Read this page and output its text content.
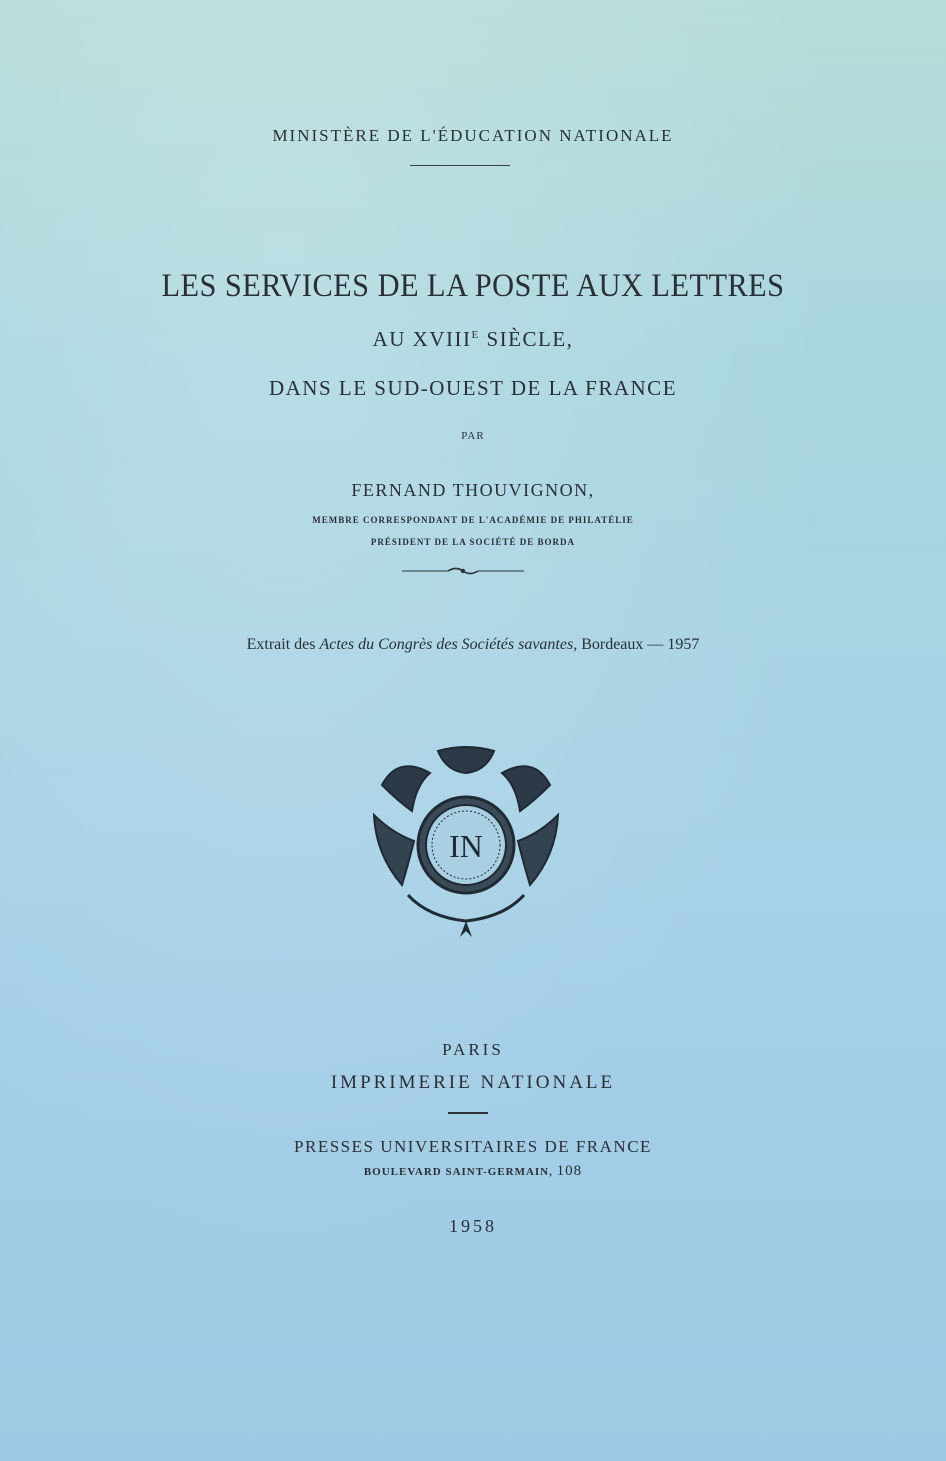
MINISTÈRE DE L'ÉDUCATION NATIONALE
LES SERVICES DE LA POSTE AUX LETTRES
AU $XVIII^E$ SIÈCLE,
DANS LE SUD-OUEST DE LA FRANCE
PAR
FERNAND THOUVIGNON,
MEMBRE CORRESPONDANT DE L'ACADÉMIE DE PHILATÉLIE
PRÉSIDENT DE LA SOCIÉTÉ DE BORDA
Extrait des Actes du Congrès des Sociétés savantes, Bordeaux — 1957
IN
PARIS
IMPRIMERIE NATIONALE
PRESSES UNIVERSITAIRES DE FRANCE
BOULEVARD SAINT-GERMAIN, 108
1958
